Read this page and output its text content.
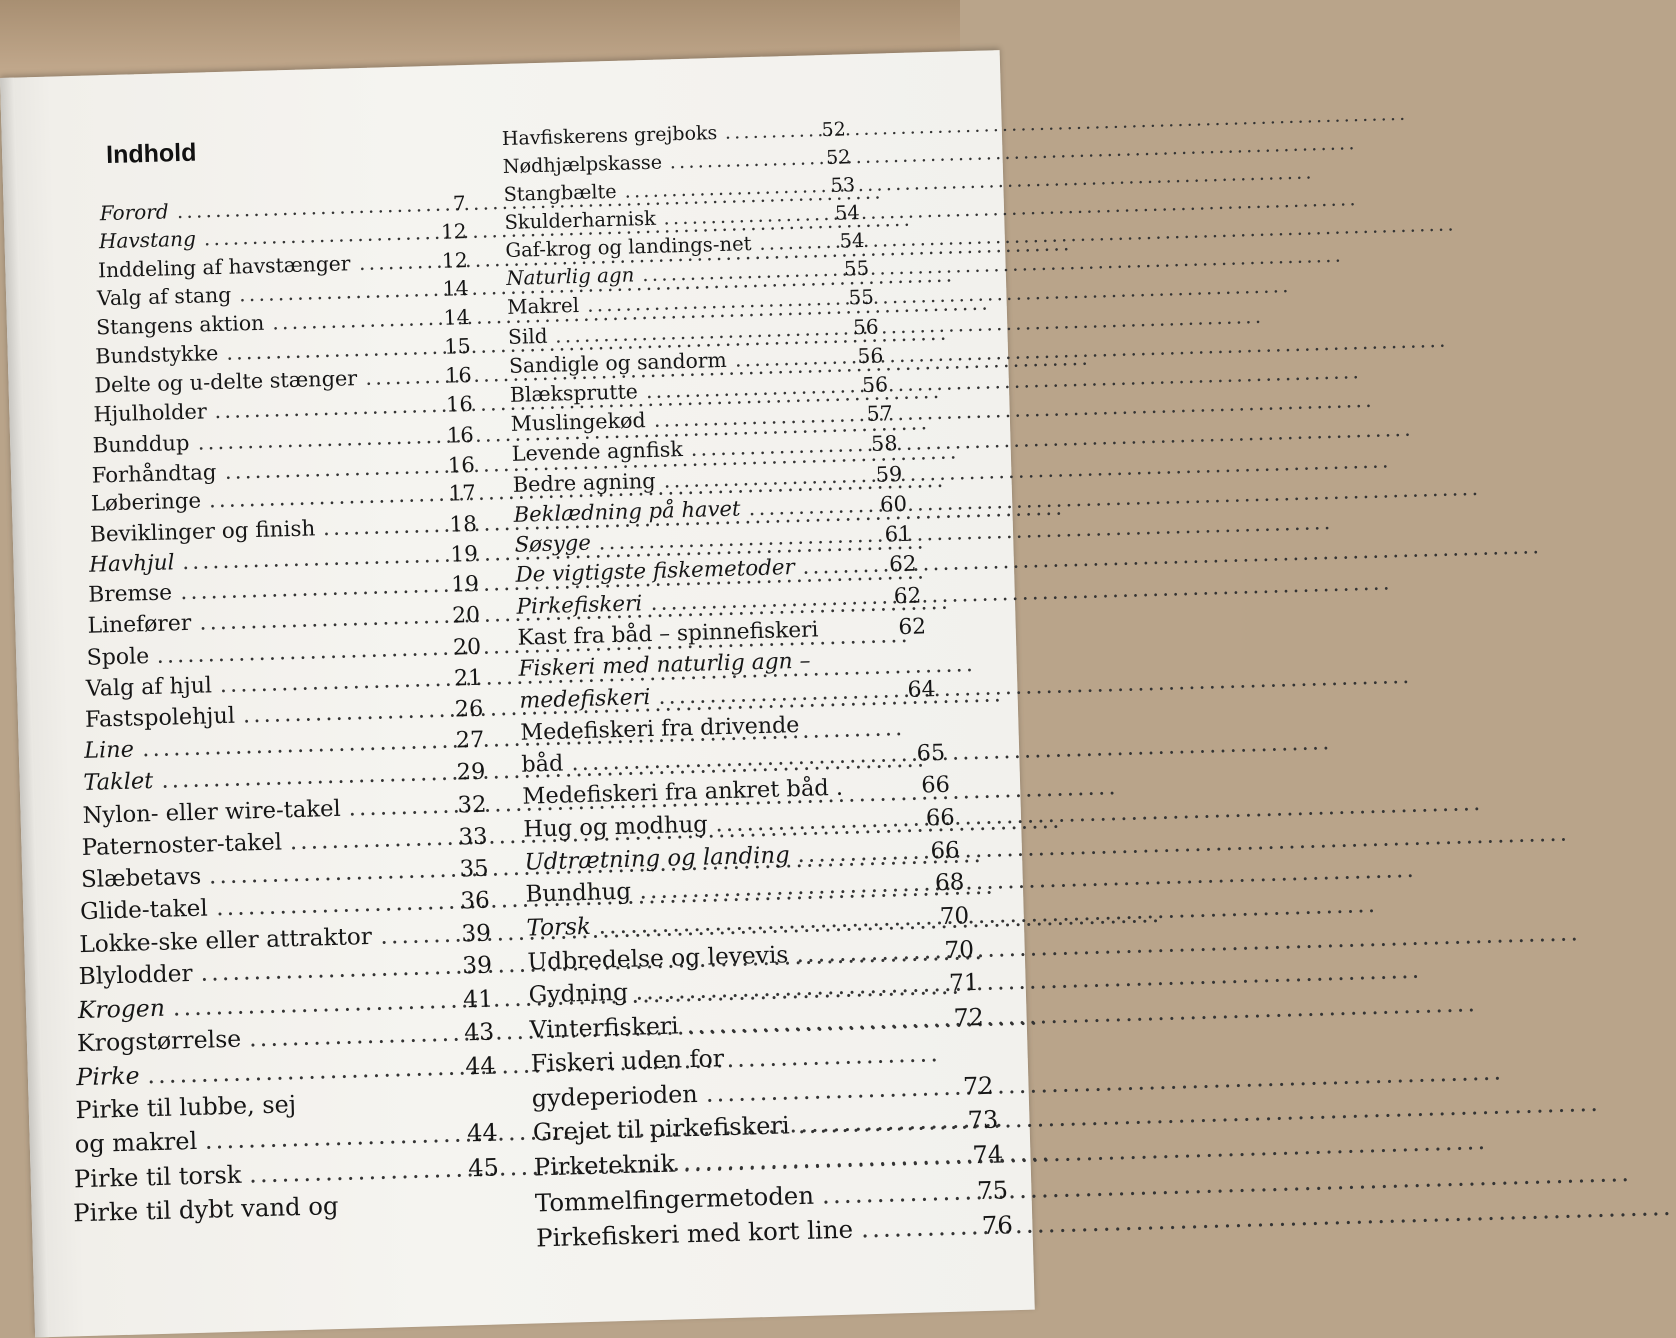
Indhold
Forord .....	7
Havstang .....	12
Inddeling af havstænger .....	12
Valg af stang .....	14
Stangens aktion .....	14
Bundstykke .....	15
Delte og u-delte stænger .....	16
Hjulholder .....	16
Bunddup .....	16
Forhåndtag .....	16
Løberinge .....	17
Beviklinger og finish .....	18
Havhjul .....	19
Bremse .....	19
Linefører .....	20
Spole .....	20
Valg af hjul .....	21
Fastspolehjul .....	26
Line .....	27
Taklet .....	29
Nylon- eller wire-takel .....	32
Paternoster-takel .....	33
Slæbetavs .....	35
Glide-takel .....	36
Lokke-ske eller attraktor .....	39
Blylodder .....	39
Krogen .....	41
Krogstørrelse .....	43
Pirke .....	44
Pirke til lubbe, sej
og makrel .....	44
Pirke til torsk .....	45
Pirke til dybt vand og
Havfiskerens grejboks .....	52
Nødhjælpskasse .....	52
Stangbælte .....	53
Skulderharnisk .....	54
Gaf-krog og landings-net .....	54
Naturlig agn .....	55
Makrel .....	55
Sild .....	56
Sandigle og sandorm .....	56
Blæksprutte .....	56
Muslingekød .....	57
Levende agnfisk .....	58
Bedre agning .....	59
Beklædning på havet .....	60
Søsyge .....	61
De vigtigste fiskemetoder .....	62
Pirkefiskeri .....	62
Kast fra båd – spinnefiskeri	62
Fiskeri med naturlig agn –
medefiskeri .....	64
Medefiskeri fra drivende
båd .....	65
Medefiskeri fra ankret båd .	66
Hug og modhug .....	66
Udtrætning og landing .....	66
Bundhug .....	68
Torsk .....	70
Udbredelse og levevis .....	70
Gydning .....	71
Vinterfiskeri .....	72
Fiskeri uden for
gydeperioden .....	72
Grejet til pirkefiskeri .....	73
Pirketeknik .....	74
Tommelfingermetoden .....	75
Pirkefiskeri med kort line .....	76
